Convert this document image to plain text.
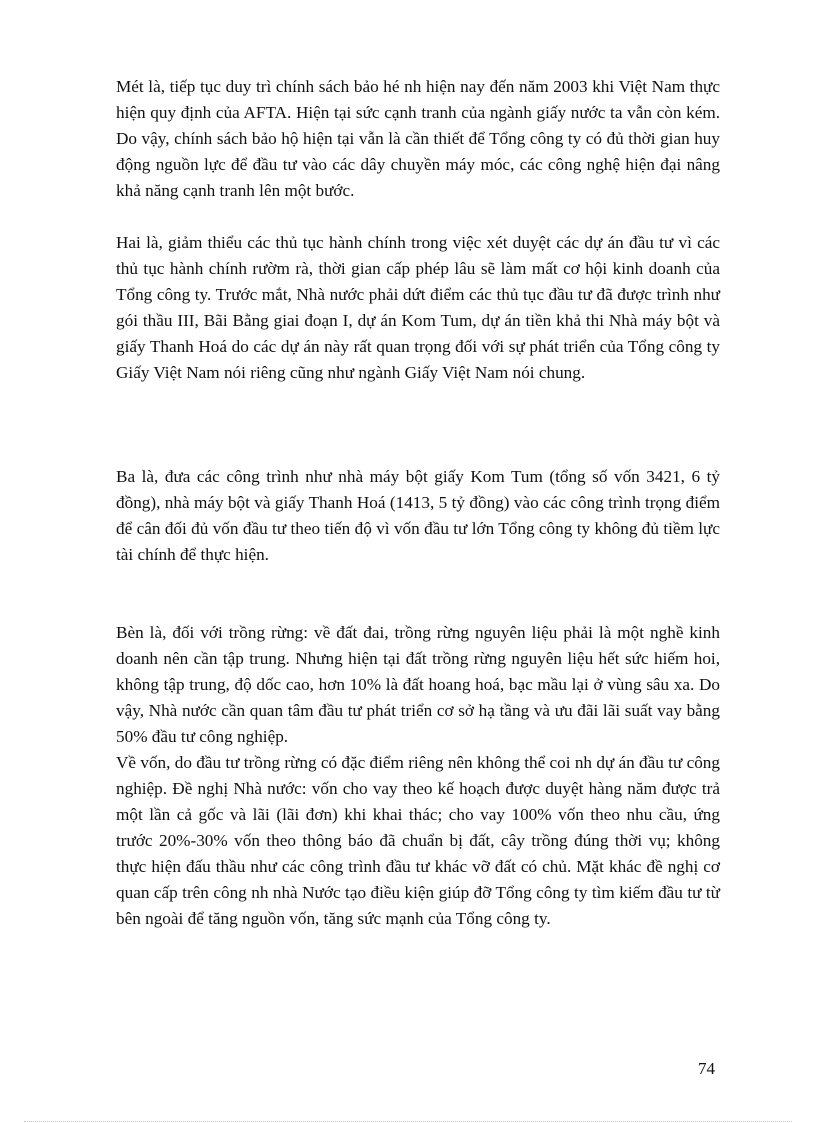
Mét là, tiếp tục duy trì chính sách bảo hé nh hiện nay đến năm 2003 khi Việt Nam thực hiện quy định của AFTA. Hiện tại sức cạnh tranh của ngành giấy nước ta vẫn còn kém. Do vậy, chính sách bảo hộ hiện tại vẫn là cần thiết để Tổng công ty có đủ thời gian huy động nguồn lực để đầu tư vào các dây chuyền máy móc, các công nghệ hiện đại nâng khả năng cạnh tranh lên một bước.

Hai là, giảm thiểu các thủ tục hành chính trong việc xét duyệt các dự án đầu tư vì các thủ tục hành chính rườm rà, thời gian cấp phép lâu sẽ làm mất cơ hội kinh doanh của Tổng công ty. Trước mắt, Nhà nước phải dứt điểm các thủ tục đầu tư đã được trình như gói thầu III, Bãi Bằng giai đoạn I, dự án Kom Tum, dự án tiền khả thi Nhà máy bột và giấy Thanh Hoá do các dự án này rất quan trọng đối với sự phát triển của Tổng công ty Giấy Việt Nam nói riêng cũng như ngành Giấy Việt Nam nói chung.

Ba là, đưa các công trình như nhà máy bột giấy Kom Tum (tổng số vốn 3421, 6 tỷ đồng), nhà máy bột và giấy Thanh Hoá (1413, 5 tỷ đồng) vào các công trình trọng điểm để cân đối đủ vốn đầu tư theo tiến độ vì vốn đầu tư lớn Tổng công ty không đủ tiềm lực tài chính để thực hiện.

Bèn là, đối với trồng rừng: về đất đai, trồng rừng nguyên liệu phải là một nghề kinh doanh nên cần tập trung. Nhưng hiện tại đất trồng rừng nguyên liệu hết sức hiếm hoi, không tập trung, độ dốc cao, hơn 10% là đất hoang hoá, bạc mầu lại ở vùng sâu xa. Do vậy, Nhà nước cần quan tâm đầu tư phát triển cơ sở hạ tầng và ưu đãi lãi suất vay bằng 50% đầu tư công nghiệp.

Về vốn, do đầu tư trồng rừng có đặc điểm riêng nên không thể coi nh dự án đầu tư công nghiệp. Đề nghị Nhà nước: vốn cho vay theo kế hoạch được duyệt hàng năm được trả một lần cả gốc và lãi (lãi đơn) khi khai thác; cho vay 100% vốn theo nhu cầu, ứng trước 20%-30% vốn theo thông báo đã chuẩn bị đất, cây trồng đúng thời vụ; không thực hiện đấu thầu như các công trình đầu tư khác vỡ đất có chủ. Mặt khác đề nghị cơ quan cấp trên công nh nhà Nước tạo điều kiện giúp đỡ Tổng công ty tìm kiếm đầu tư từ bên ngoài để tăng nguồn vốn, tăng sức mạnh của Tổng công ty.

74
